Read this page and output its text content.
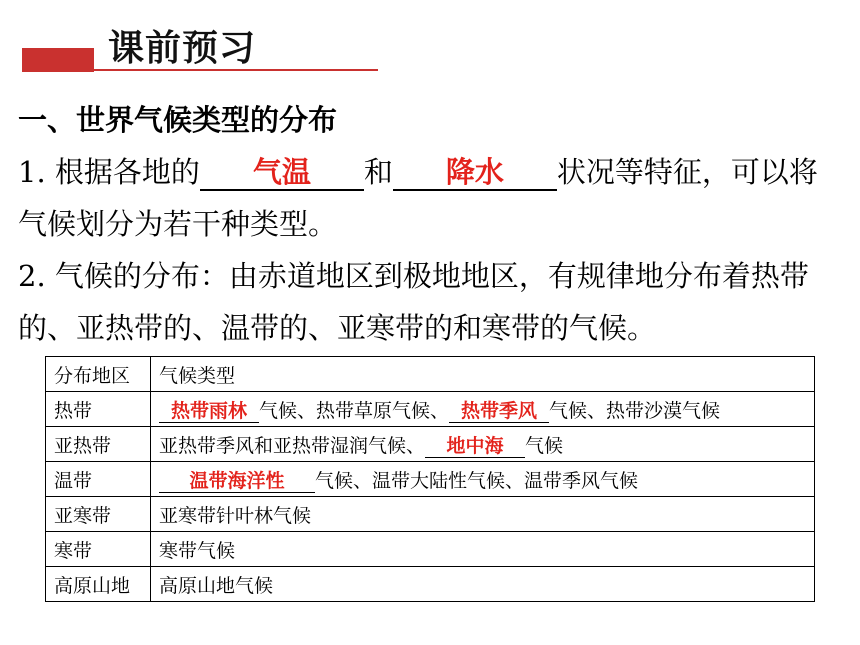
课前预习
一、世界气候类型的分布
1. 根据各地的 气温 和 降水 状况等特征，可以将气候划分为若干种类型。
2. 气候的分布：由赤道地区到极地地区，有规律地分布着热带的、亚热带的、温带的、亚寒带的和寒带的气候。
分布地区	气候类型
热带	热带雨林 气候、热带草原气候、 热带季风 气候、热带沙漠气候
亚热带	亚热带季风和亚热带湿润气候、 地中海 气候
温带	温带海洋性 气候、温带大陆性气候、温带季风气候
亚寒带	亚寒带针叶林气候
寒带	寒带气候
高原山地	高原山地气候
